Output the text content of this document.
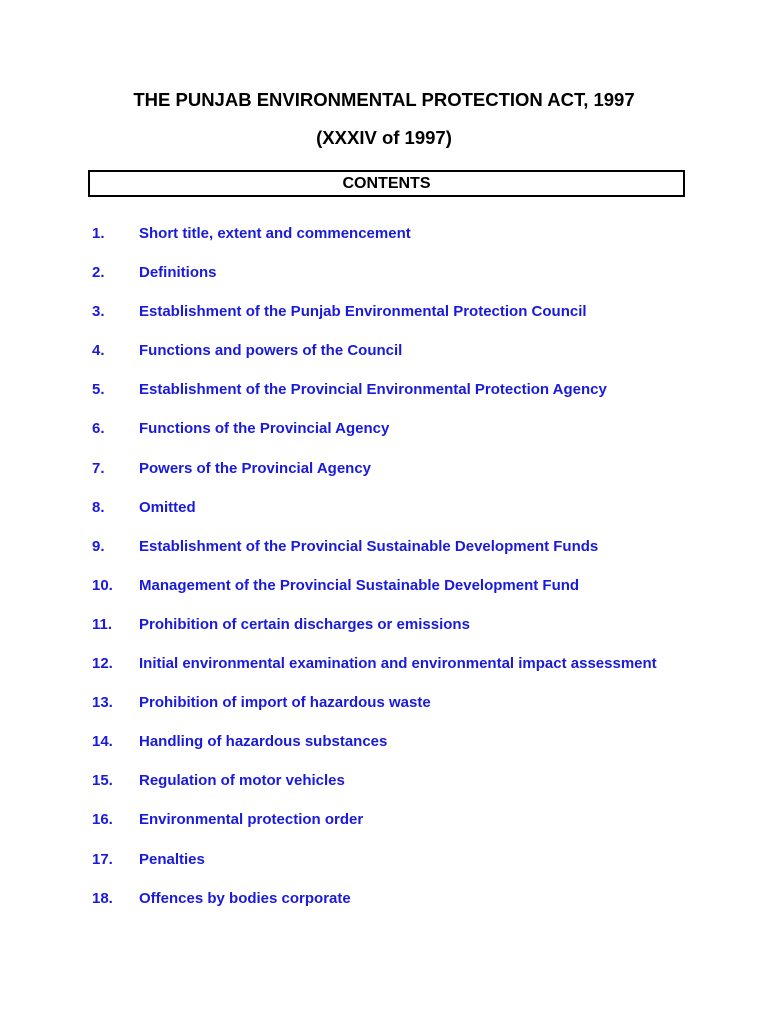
THE PUNJAB ENVIRONMENTAL PROTECTION ACT, 1997
(XXXIV of 1997)
CONTENTS
1. Short title, extent and commencement
2. Definitions
3. Establishment of the Punjab Environmental Protection Council
4. Functions and powers of the Council
5. Establishment of the Provincial Environmental Protection Agency
6. Functions of the Provincial Agency
7. Powers of the Provincial Agency
8. Omitted
9. Establishment of the Provincial Sustainable Development Funds
10. Management of the Provincial Sustainable Development Fund
11. Prohibition of certain discharges or emissions
12. Initial environmental examination and environmental impact assessment
13. Prohibition of import of hazardous waste
14. Handling of hazardous substances
15. Regulation of motor vehicles
16. Environmental protection order
17. Penalties
18. Offences by bodies corporate
